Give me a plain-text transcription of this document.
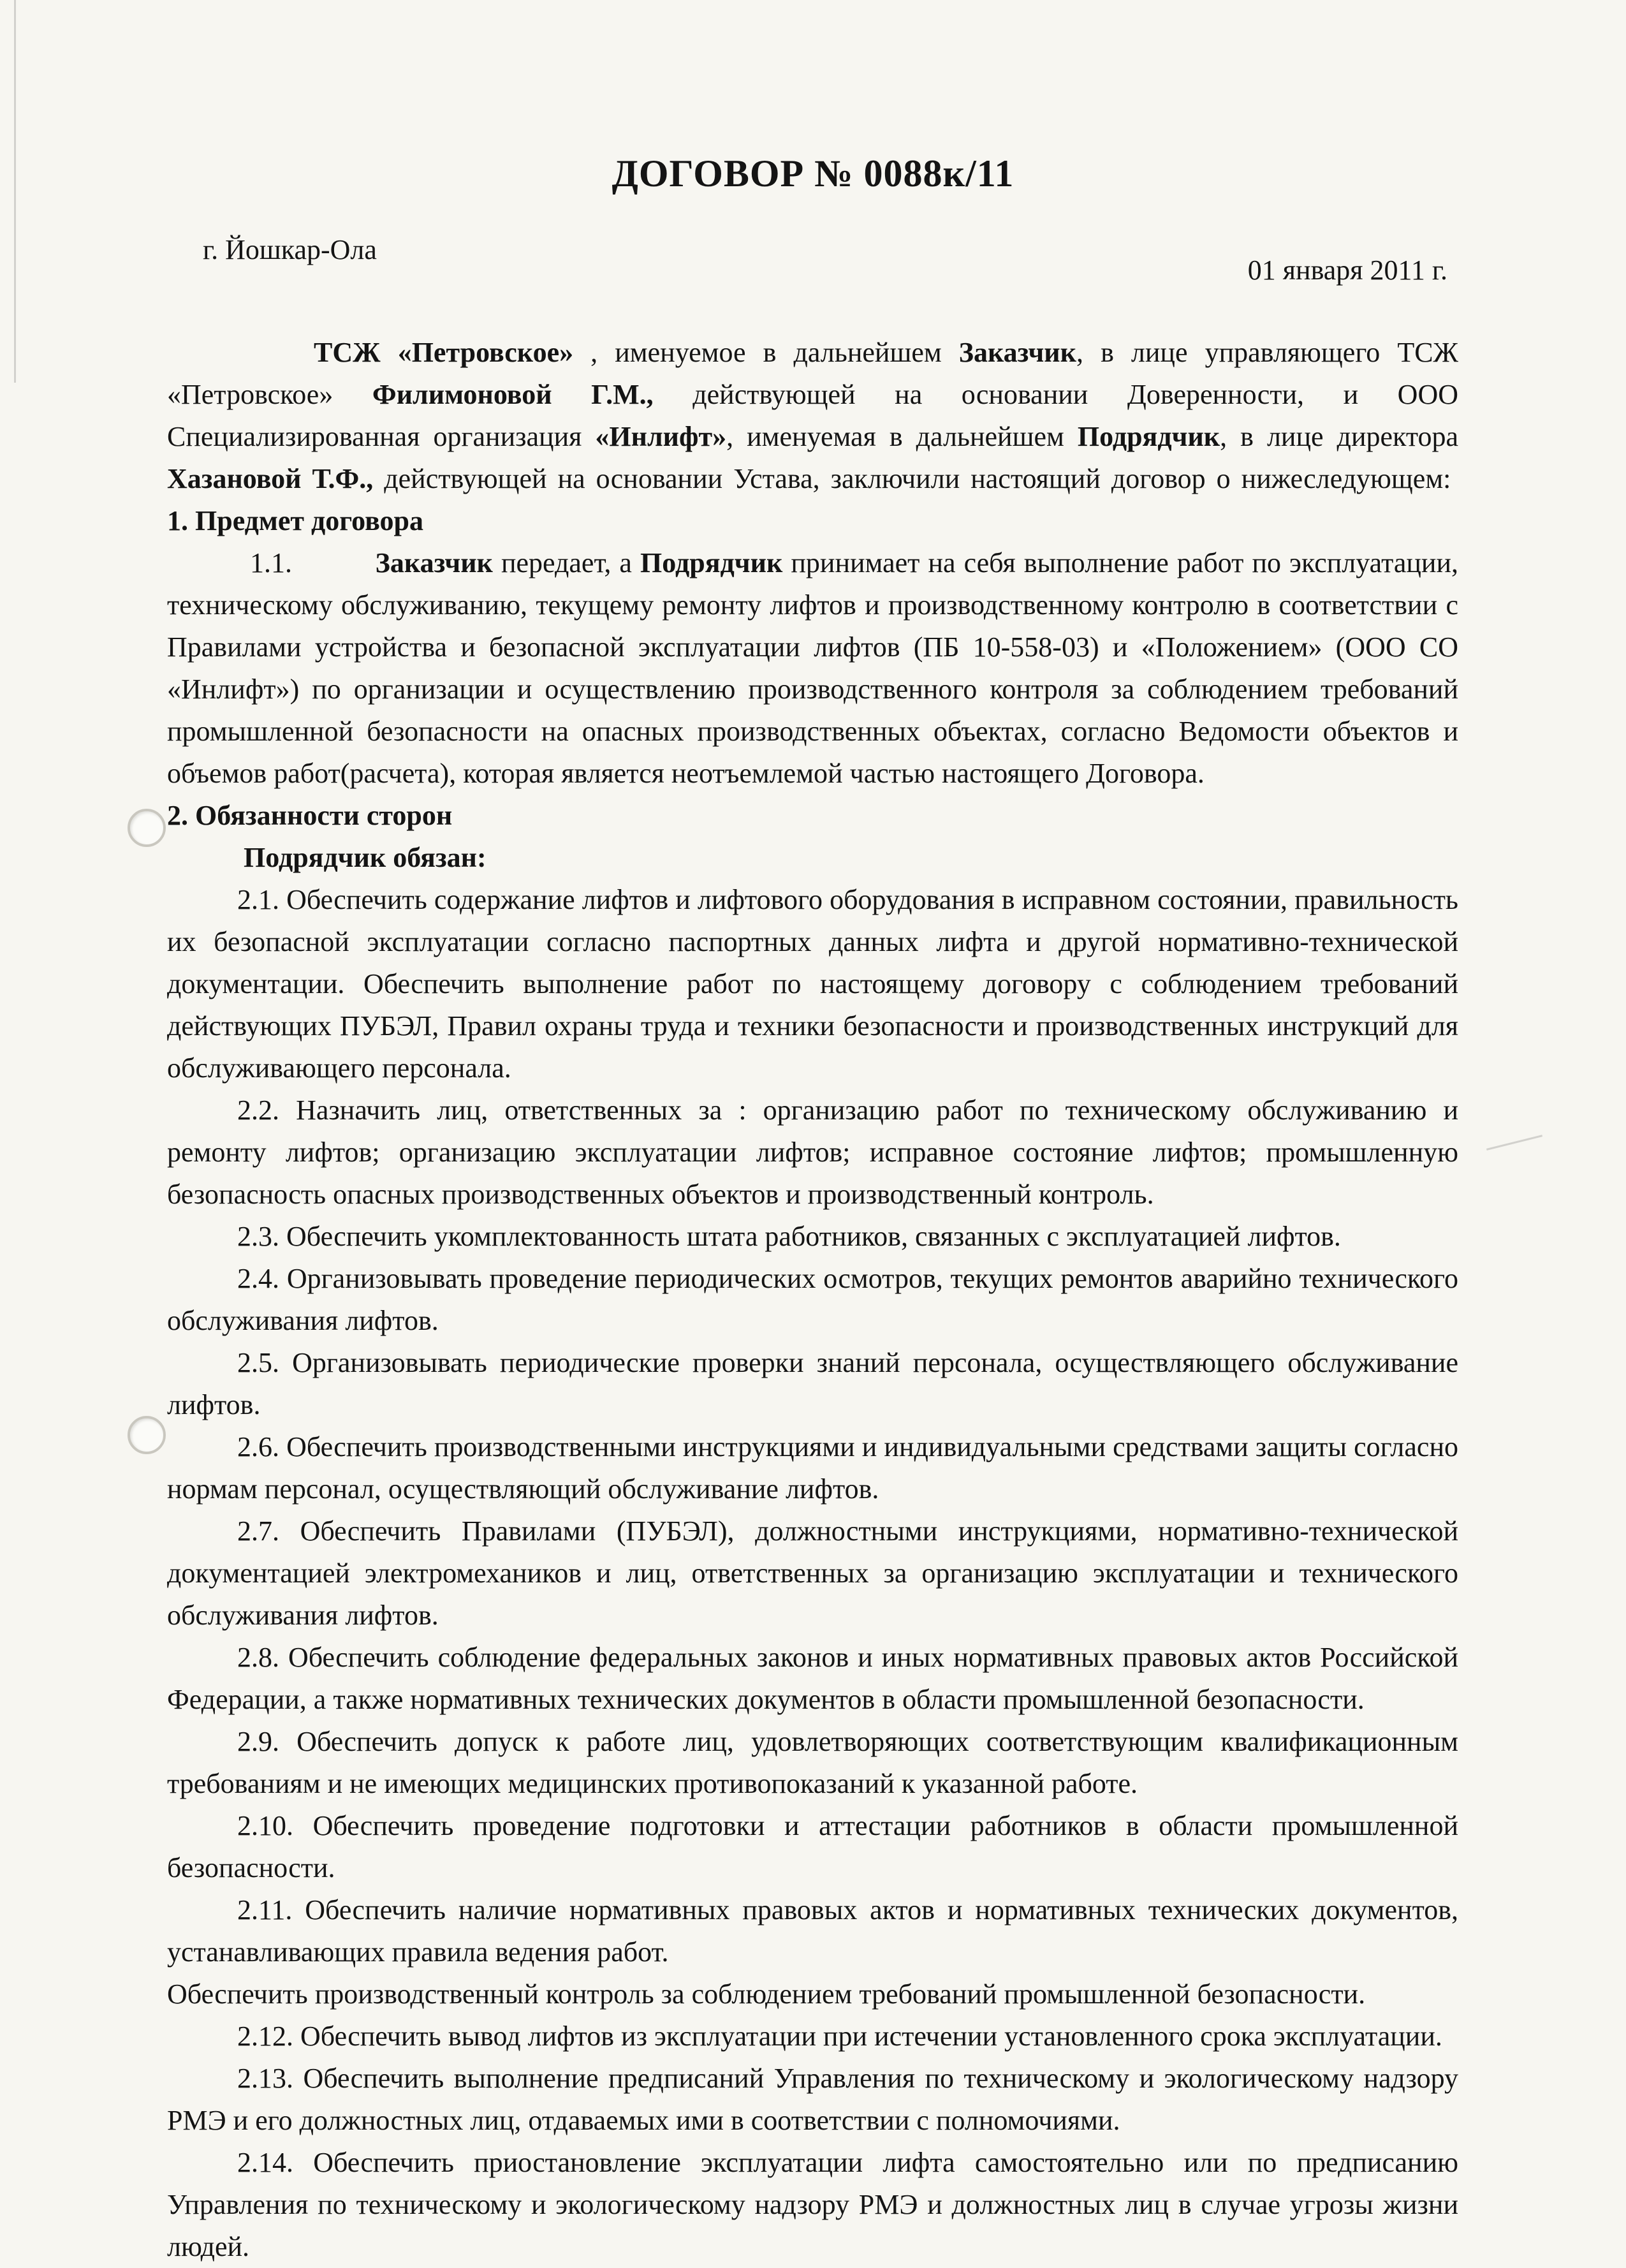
ДОГОВОР № 0088к/11
г. Йошкар-Ола
01 января 2011 г.

ТСЖ «Петровское» , именуемое в дальнейшем Заказчик, в лице управляющего ТСЖ «Петровское» Филимоновой Г.М., действующей на основании Доверенности, и ООО Специализированная организация «Инлифт», именуемая в дальнейшем Подрядчик, в лице директора Хазановой Т.Ф., действующей на основании Устава, заключили настоящий договор о нижеследующем:

1. Предмет договора

1.1.	Заказчик передает, а Подрядчик принимает на себя выполнение работ по эксплуатации, техническому обслуживанию, текущему ремонту лифтов и производственному контролю в соответствии с Правилами устройства и безопасной эксплуатации лифтов (ПБ 10-558-03) и «Положением» (ООО СО «Инлифт») по организации и осуществлению производственного контроля за соблюдением требований промышленной безопасности на опасных производственных объектах, согласно Ведомости объектов и объемов работ(расчета), которая является неотъемлемой частью настоящего Договора.

2. Обязанности сторон

Подрядчик обязан:

2.1. Обеспечить содержание лифтов и лифтового оборудования в исправном состоянии, правильность их безопасной эксплуатации согласно паспортных данных лифта и другой нормативно-технической документации. Обеспечить выполнение работ по настоящему договору с соблюдением требований действующих ПУБЭЛ, Правил охраны труда и техники безопасности и производственных инструкций для обслуживающего персонала.

2.2. Назначить лиц, ответственных за : организацию работ по техническому обслуживанию и ремонту лифтов; организацию эксплуатации лифтов; исправное состояние лифтов; промышленную безопасность опасных производственных объектов и производственный контроль.

2.3. Обеспечить укомплектованность штата работников, связанных с эксплуатацией лифтов.

2.4. Организовывать проведение периодических осмотров, текущих ремонтов аварийно технического обслуживания лифтов.

2.5. Организовывать периодические проверки знаний персонала, осуществляющего обслуживание лифтов.

2.6. Обеспечить производственными инструкциями и индивидуальными средствами защиты согласно нормам персонал, осуществляющий обслуживание лифтов.

2.7. Обеспечить Правилами (ПУБЭЛ), должностными инструкциями, нормативно-технической документацией электромехаников и лиц, ответственных за организацию эксплуатации и технического обслуживания лифтов.

2.8. Обеспечить соблюдение федеральных законов и иных нормативных правовых актов Российской Федерации, а также нормативных технических документов в области промышленной безопасности.

2.9. Обеспечить допуск к работе лиц, удовлетворяющих соответствующим квалификационным требованиям и не имеющих медицинских противопоказаний к указанной работе.

2.10. Обеспечить проведение подготовки и аттестации работников в области промышленной безопасности.

2.11. Обеспечить наличие нормативных правовых актов и нормативных технических документов, устанавливающих правила ведения работ.

Обеспечить производственный контроль за соблюдением требований промышленной безопасности.

2.12. Обеспечить вывод лифтов из эксплуатации при истечении установленного срока эксплуатации.

2.13. Обеспечить выполнение предписаний Управления по техническому и экологическому надзору РМЭ и его должностных лиц, отдаваемых ими в соответствии с полномочиями.

2.14. Обеспечить приостановление эксплуатации лифта самостоятельно или по предписанию Управления по техническому и экологическому надзору РМЭ и должностных лиц в случае угрозы жизни людей.
